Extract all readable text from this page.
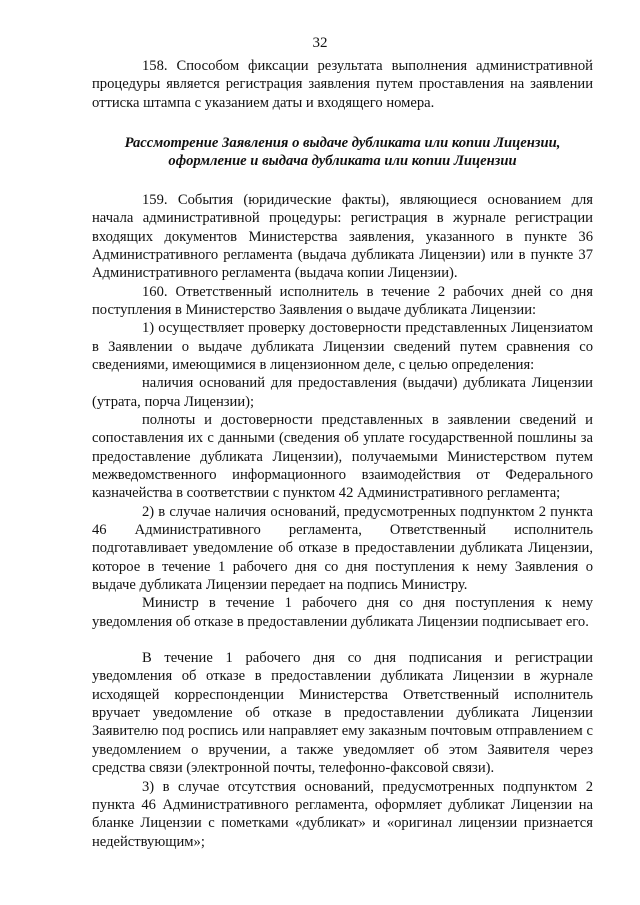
32

158. Способом фиксации результата выполнения административной процедуры является регистрация заявления путем проставления на заявлении оттиска штампа с указанием даты и входящего номера.

Рассмотрение Заявления о выдаче дубликата или копии Лицензии, оформление и выдача дубликата или копии Лицензии

159. События (юридические факты), являющиеся основанием для начала административной процедуры: регистрация в журнале регистрации входящих документов Министерства заявления, указанного в пункте 36 Административного регламента (выдача дубликата Лицензии) или в пункте 37 Административного регламента (выдача копии Лицензии).

160. Ответственный исполнитель в течение 2 рабочих дней со дня поступления в Министерство Заявления о выдаче дубликата Лицензии:

1) осуществляет проверку достоверности представленных Лицензиатом в Заявлении о выдаче дубликата Лицензии сведений путем сравнения со сведениями, имеющимися в лицензионном деле, с целью определения:

наличия оснований для предоставления (выдачи) дубликата Лицензии (утрата, порча Лицензии);

полноты и достоверности представленных в заявлении сведений и сопоставления их с данными (сведения об уплате государственной пошлины за предоставление дубликата Лицензии), получаемыми Министерством путем межведомственного информационного взаимодействия от Федерального казначейства в соответствии с пунктом 42 Административного регламента;

2) в случае наличия оснований, предусмотренных подпунктом 2 пункта 46 Административного регламента, Ответственный исполнитель подготавливает уведомление об отказе в предоставлении дубликата Лицензии, которое в течение 1 рабочего дня со дня поступления к нему Заявления о выдаче дубликата Лицензии передает на подпись Министру.

Министр в течение 1 рабочего дня со дня поступления к нему уведомления об отказе в предоставлении дубликата Лицензии подписывает его.

В течение 1 рабочего дня со дня подписания и регистрации уведомления об отказе в предоставлении дубликата Лицензии в журнале исходящей корреспонденции Министерства Ответственный исполнитель вручает уведомление об отказе в предоставлении дубликата Лицензии Заявителю под роспись или направляет ему заказным почтовым отправлением с уведомлением о вручении, а также уведомляет об этом Заявителя через средства связи (электронной почты, телефонно-факсовой связи).

3) в случае отсутствия оснований, предусмотренных подпунктом 2 пункта 46 Административного регламента, оформляет дубликат Лицензии на бланке Лицензии с пометками «дубликат» и «оригинал лицензии признается недействующим»;
